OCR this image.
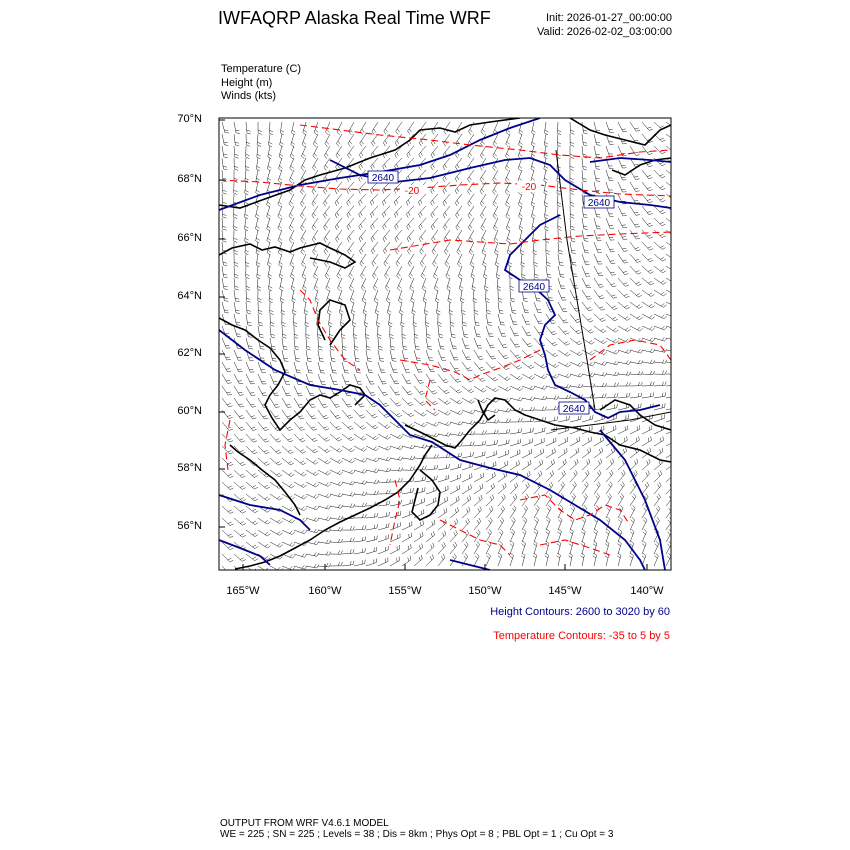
IWFAQRP Alaska Real Time WRF	Init: 2026-01-27_00:00:00
Valid: 2026-02-02_03:00:00
Temperature (C)
Height (m)
Winds (kts)
2640
2640
2640
2640
-20	-20
70°N
68°N
66°N
64°N
62°N
60°N
58°N
56°N
165°W	160°W	155°W	150°W	145°W	140°W
Height Contours: 2600 to 3020 by 60
Temperature Contours: -35 to 5 by 5
OUTPUT FROM WRF V4.6.1 MODEL
WE = 225 ; SN = 225 ; Levels = 38 ; Dis = 8km ; Phys Opt = 8 ; PBL Opt = 1 ; Cu Opt = 3
